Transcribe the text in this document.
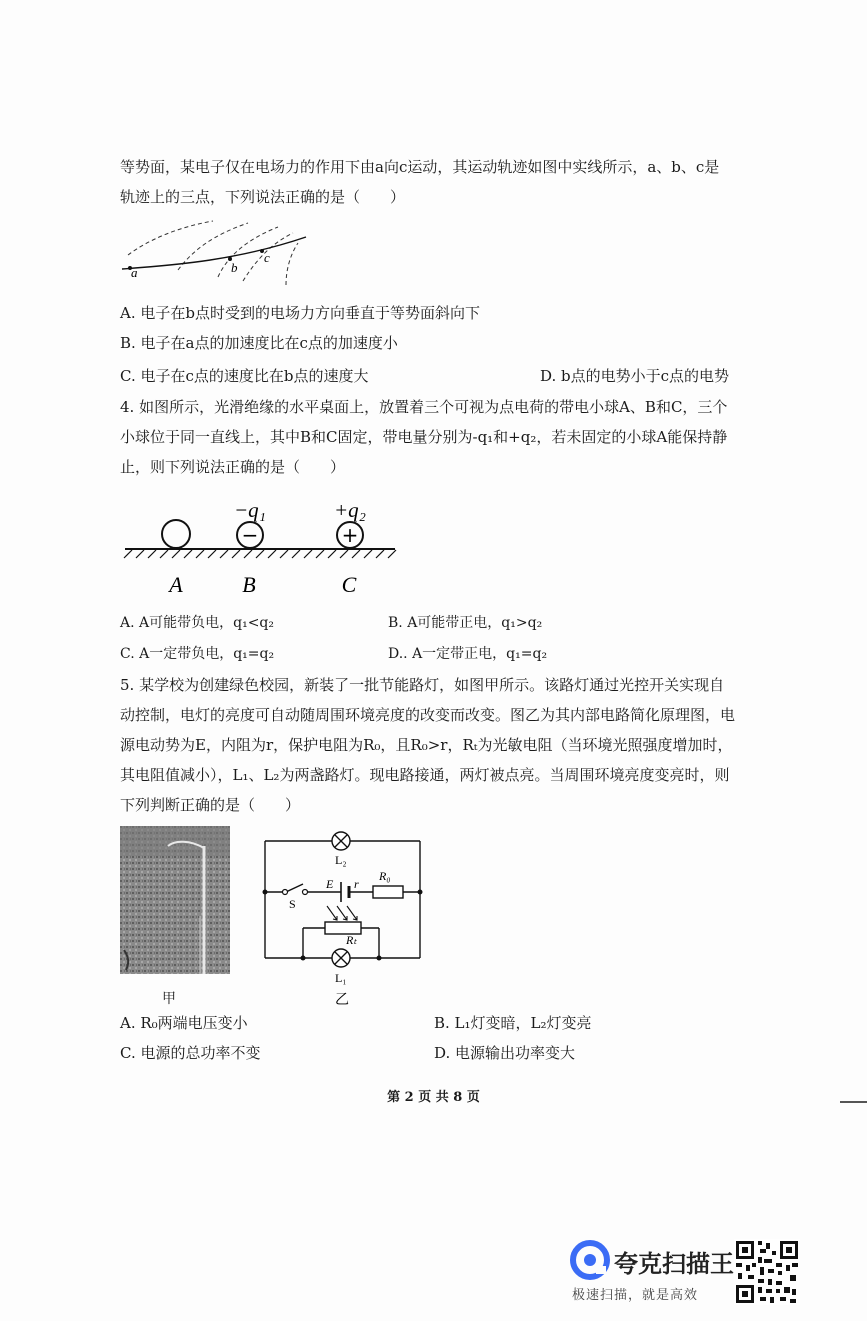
等势面，某电子仅在电场力的作用下由a向c运动，其运动轨迹如图中实线所示，a、b、c是
轨迹上的三点，下列说法正确的是（　　）
a	b
c
A. 电子在b点时受到的电场力方向垂直于等势面斜向下
B. 电子在a点的加速度比在c点的加速度小
C. 电子在c点的速度比在b点的速度大	D. b点的电势小于c点的电势
4. 如图所示，光滑绝缘的水平桌面上，放置着三个可视为点电荷的带电小球A、B和C，三个
小球位于同一直线上，其中B和C固定，带电量分别为-q₁和+q₂，若未固定的小球A能保持静
止，则下列说法正确的是（　　）
−	+
−q₁	+q₂
A	B	C
A. A可能带负电，q₁<q₂	B. A可能带正电，q₁>q₂
C. A一定带负电，q₁=q₂	D.. A一定带正电，q₁=q₂
5. 某学校为创建绿色校园，新装了一批节能路灯，如图甲所示。该路灯通过光控开关实现自
动控制，电灯的亮度可自动随周围环境亮度的改变而改变。图乙为其内部电路简化原理图，电
源电动势为E，内阻为r，保护电阻为R₀，且R₀>r，Rₜ为光敏电阻（当环境光照强度增加时，
其电阻值减小），L₁、L₂为两盏路灯。现电路接通，两灯被点亮。当周围环境亮度变亮时，则
下列判断正确的是（　　）
甲
L₂
L₁
S
E r
R₀
Rₜ
乙
A. R₀两端电压变小	B. L₁灯变暗，L₂灯变亮
C. 电源的总功率不变	D. 电源输出功率变大
第 2 页 共 8 页
夸克扫描王
极速扫描，就是高效
